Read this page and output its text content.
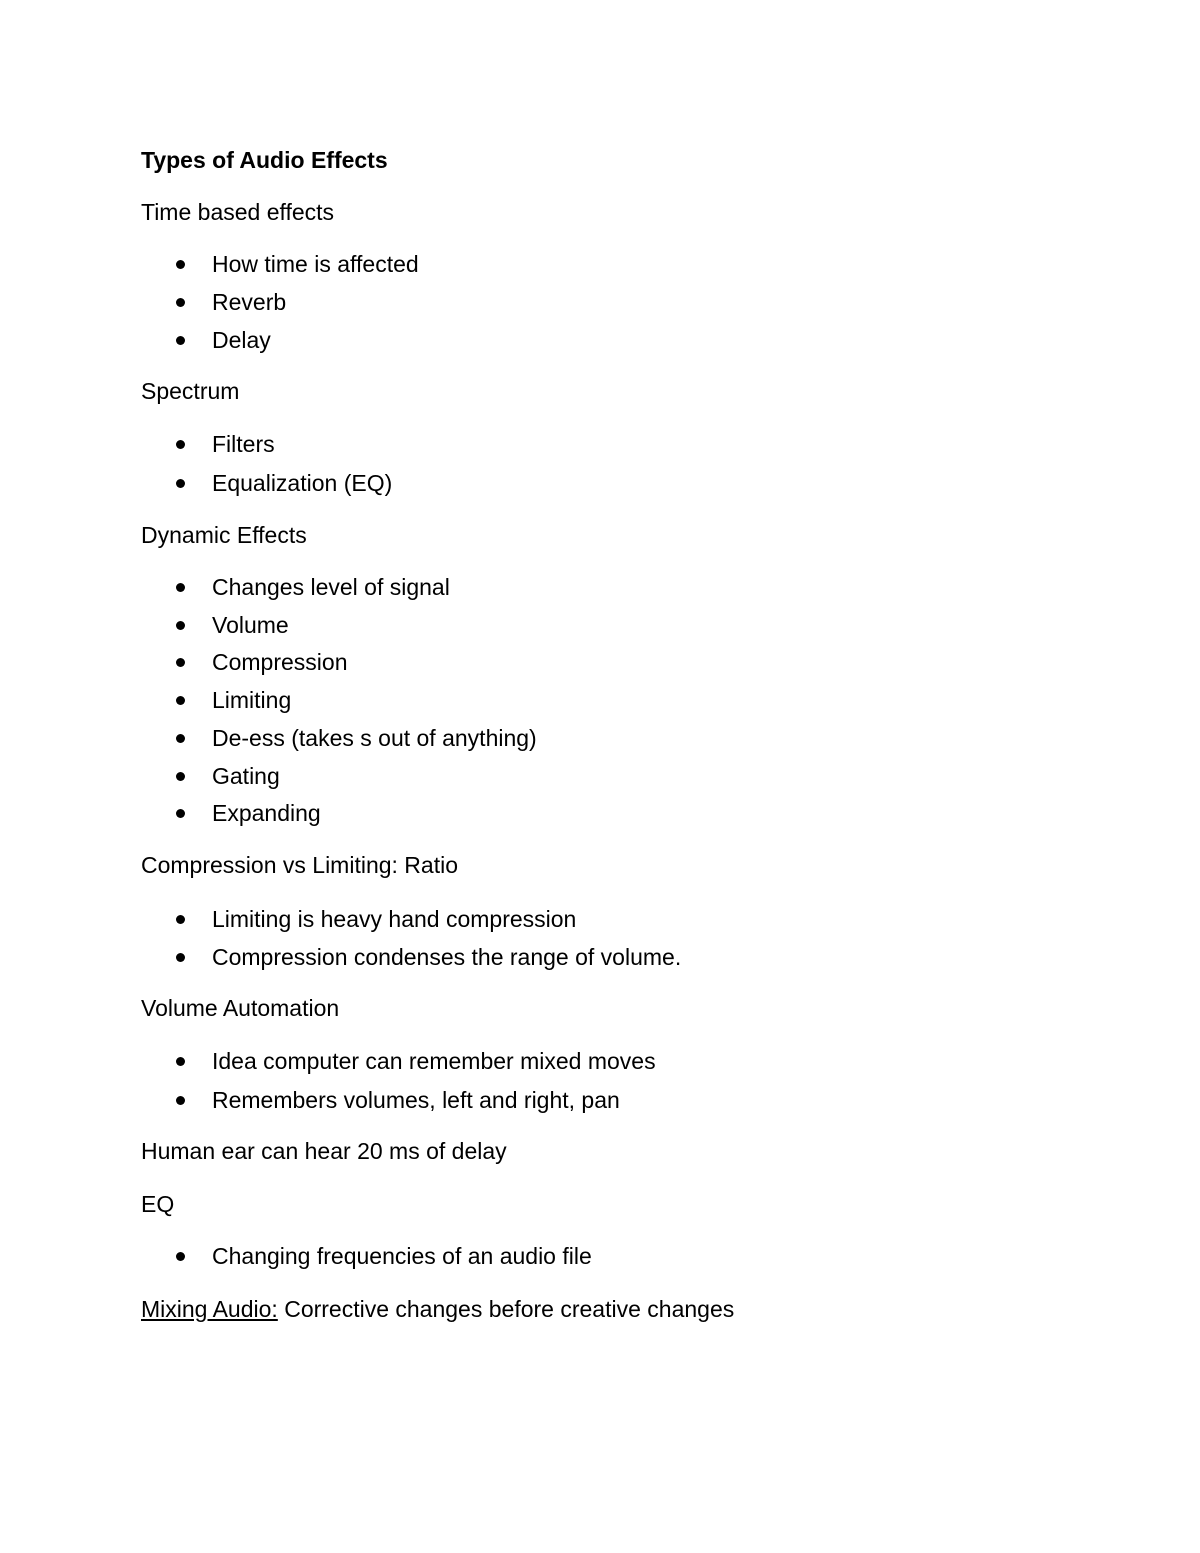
Types of Audio Effects

Time based effects

How time is affected
Reverb
Delay

Spectrum

Filters
Equalization (EQ)

Dynamic Effects

Changes level of signal
Volume
Compression
Limiting
De-ess (takes s out of anything)
Gating
Expanding

Compression vs Limiting: Ratio

Limiting is heavy hand compression
Compression condenses the range of volume.

Volume Automation

Idea computer can remember mixed moves
Remembers volumes, left and right, pan

Human ear can hear 20 ms of delay

EQ

Changing frequencies of an audio file

Mixing Audio: Corrective changes before creative changes
